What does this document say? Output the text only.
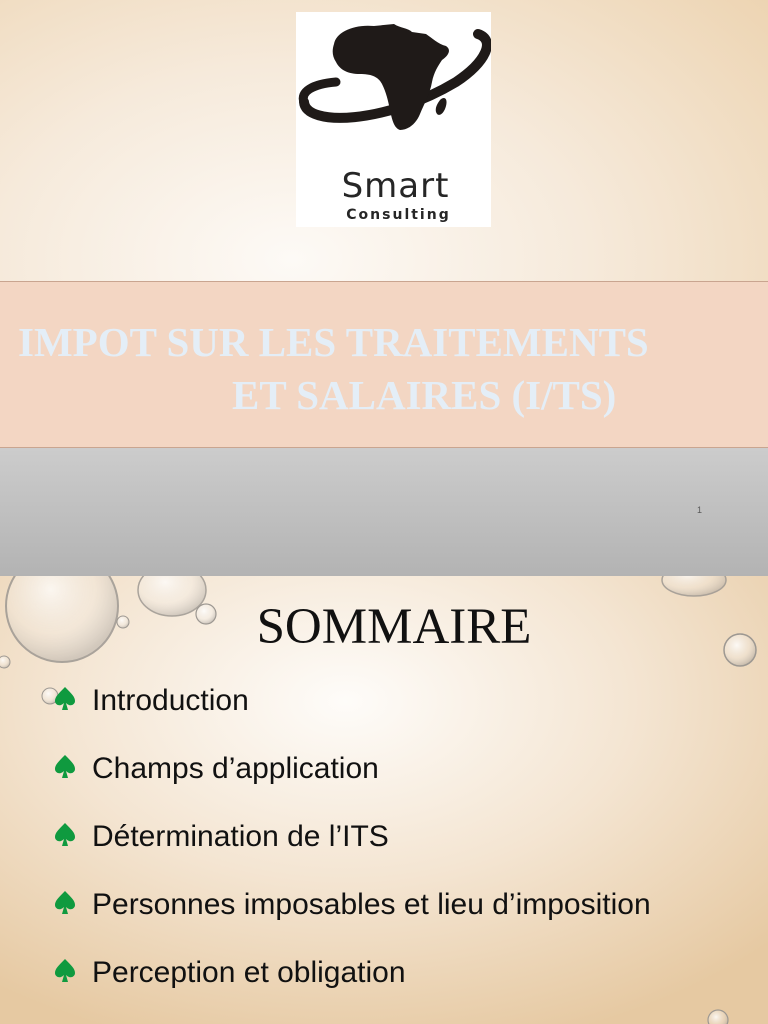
Smart
Consulting
IMPOT SUR LES TRAITEMENTS
ET SALAIRES (I/TS)
1
SOMMAIRE
Introduction
Champs d’application
Détermination de l’ITS
Personnes imposables et lieu d’imposition
Perception et obligation
